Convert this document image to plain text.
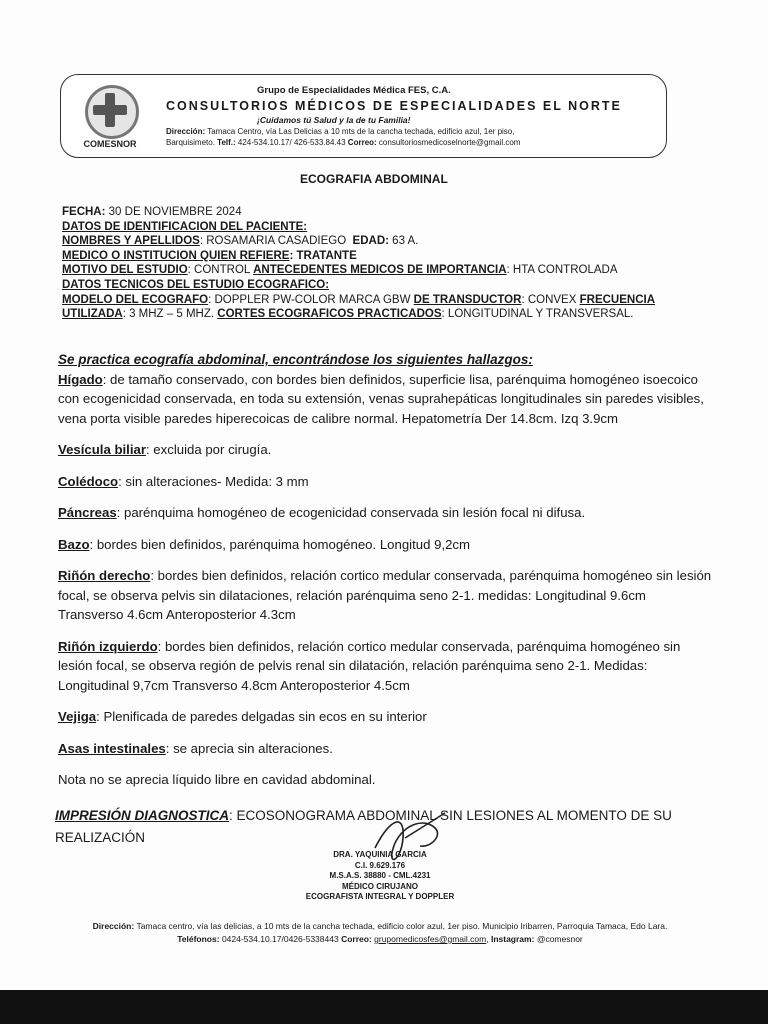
COMESNOR
Grupo de Especialidades Médica FES, C.A.
CONSULTORIOS MÉDICOS DE ESPECIALIDADES EL NORTE
¡Cuidamos tú Salud y la de tu Familia!
Dirección: Tamaca Centro, vía Las Delicias a 10 mts de la cancha techada, edificio azul, 1er piso,
Barquisimeto. Telf.: 424-534.10.17/ 426-533.84.43 Correo: consultoriosmedicoselnorte@gmail.com
ECOGRAFIA ABDOMINAL
FECHA: 30 DE NOVIEMBRE 2024
DATOS DE IDENTIFICACION DEL PACIENTE:
NOMBRES Y APELLIDOS: ROSAMARIA CASADIEGO EDAD: 63 A.
MEDICO O INSTITUCION QUIEN REFIERE: TRATANTE
MOTIVO DEL ESTUDIO: CONTROL ANTECEDENTES MEDICOS DE IMPORTANCIA: HTA CONTROLADA
DATOS TECNICOS DEL ESTUDIO ECOGRAFICO:
MODELO DEL ECOGRAFO: DOPPLER PW-COLOR MARCA GBW DE TRANSDUCTOR: CONVEX FRECUENCIA
UTILIZADA: 3 MHZ – 5 MHZ. CORTES ECOGRAFICOS PRACTICADOS: LONGITUDINAL Y TRANSVERSAL.
Se practica ecografía abdominal, encontrándose los siguientes hallazgos:

Hígado: de tamaño conservado, con bordes bien definidos, superficie lisa, parénquima homogéneo isoecoico con ecogenicidad conservada, en toda su extensión, venas suprahepáticas longitudinales sin paredes visibles, vena porta visible paredes hiperecoicas de calibre normal. Hepatometría Der 14.8cm. Izq 3.9cm

Vesícula biliar: excluida por cirugía.

Colédoco: sin alteraciones- Medida: 3 mm

Páncreas: parénquima homogéneo de ecogenicidad conservada sin lesión focal ni difusa.

Bazo: bordes bien definidos, parénquima homogéneo. Longitud 9,2cm

Riñón derecho: bordes bien definidos, relación cortico medular conservada, parénquima homogéneo sin lesión focal, se observa pelvis sin dilataciones, relación parénquima seno 2-1. medidas: Longitudinal 9.6cm Transverso 4.6cm Anteroposterior 4.3cm

Riñón izquierdo: bordes bien definidos, relación cortico medular conservada, parénquima homogéneo sin lesión focal, se observa región de pelvis renal sin dilatación, relación parénquima seno 2-1. Medidas: Longitudinal 9,7cm Transverso 4.8cm Anteroposterior 4.5cm

Vejiga: Plenificada de paredes delgadas sin ecos en su interior

Asas intestinales: se aprecia sin alteraciones.

Nota no se aprecia líquido libre en cavidad abdominal.

IMPRESIÓN DIAGNOSTICA: ECOSONOGRAMA ABDOMINAL SIN LESIONES AL MOMENTO DE SU REALIZACIÓN
DRA. YAQUINIA GARCIA
C.I. 9.629.176
M.S.A.S. 38880 - CML.4231
MÉDICO CIRUJANO
ECOGRAFISTA INTEGRAL Y DOPPLER
Dirección: Tamaca centro, vía las delicias, a 10 mts de la cancha techada, edificio color azul, 1er piso. Municipio Iribarren, Parroquia Tamaca, Edo Lara. Teléfonos: 0424-534.10.17/0426-5338443 Correo: grupomedicosfes@gmail.com, Instagram: @comesnor
